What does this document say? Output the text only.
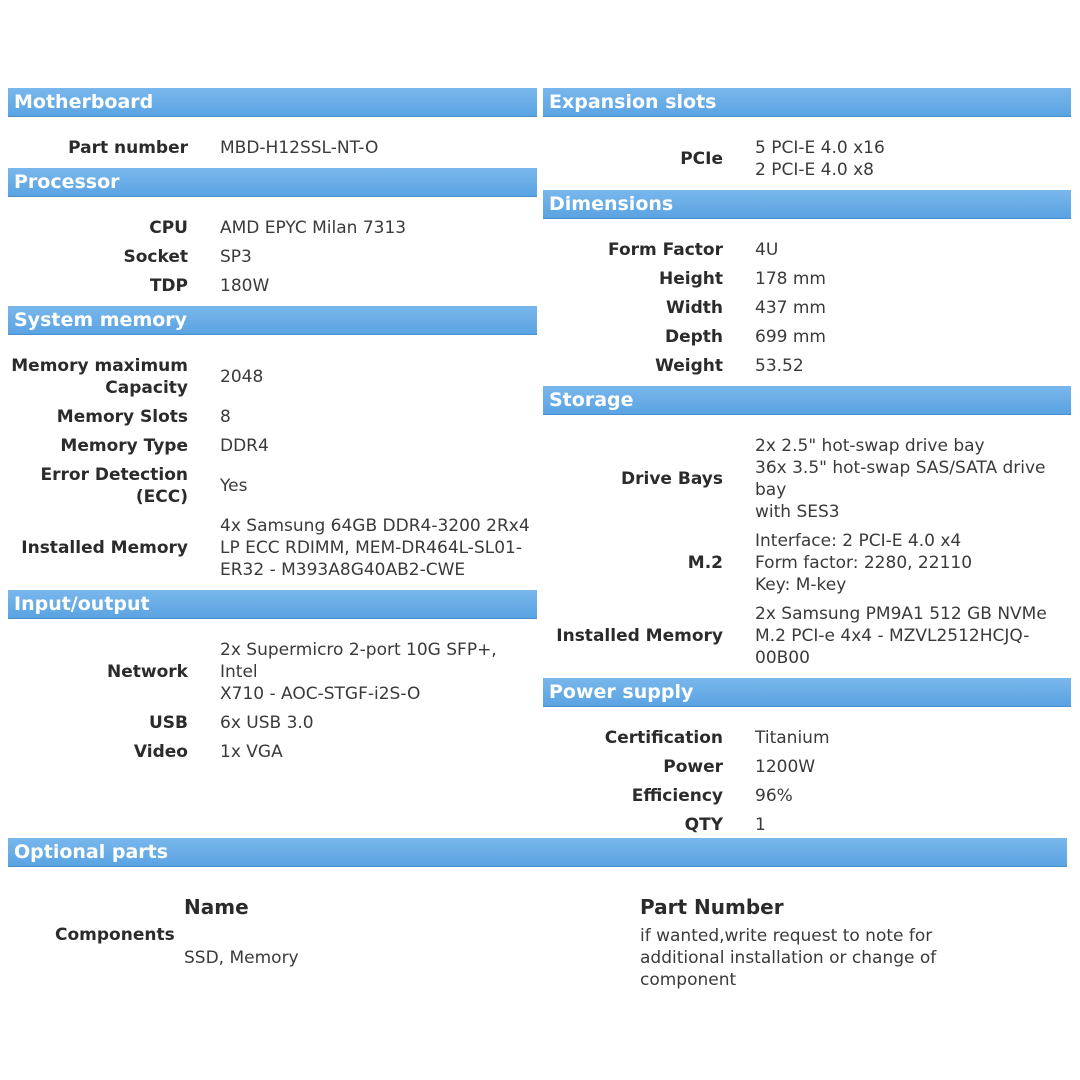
Motherboard
Part number MBD-H12SSL-NT-O
Processor
CPU AMD EPYC Milan 7313
Socket SP3
TDP 180W
System memory
Memory maximum
Capacity
2048
Memory Slots 8
Memory Type DDR4
Error Detection
(ECC)
Yes
Installed Memory
4x Samsung 64GB DDR4-3200 2Rx4
LP ECC RDIMM, MEM-DR464L-SL01-
ER32 - M393A8G40AB2-CWE
Input/output
Network
2x Supermicro 2-port 10G SFP+, Intel
X710 - AOC-STGF-i2S-O
USB 6x USB 3.0
Video 1x VGA
Expansion slots
PCIe
5 PCI-E 4.0 x16
2 PCI-E 4.0 x8
Dimensions
Form Factor 4U
Height 178 mm
Width 437 mm
Depth 699 mm
Weight 53.52
Storage
Drive Bays
2x 2.5" hot-swap drive bay
36x 3.5" hot-swap SAS/SATA drive bay
with SES3
M.2
Interface: 2 PCI-E 4.0 x4
Form factor: 2280, 22110
Key: M-key
Installed Memory
2x Samsung PM9A1 512 GB NVMe
M.2 PCI-e 4x4 - MZVL2512HCJQ-
00B00
Power supply
Certification Titanium
Power 1200W
Efficiency 96%
QTY 1
Optional parts
Name	Part Number
Components
SSD, Memory
if wanted,write request to note for
additional installation or change of
component
